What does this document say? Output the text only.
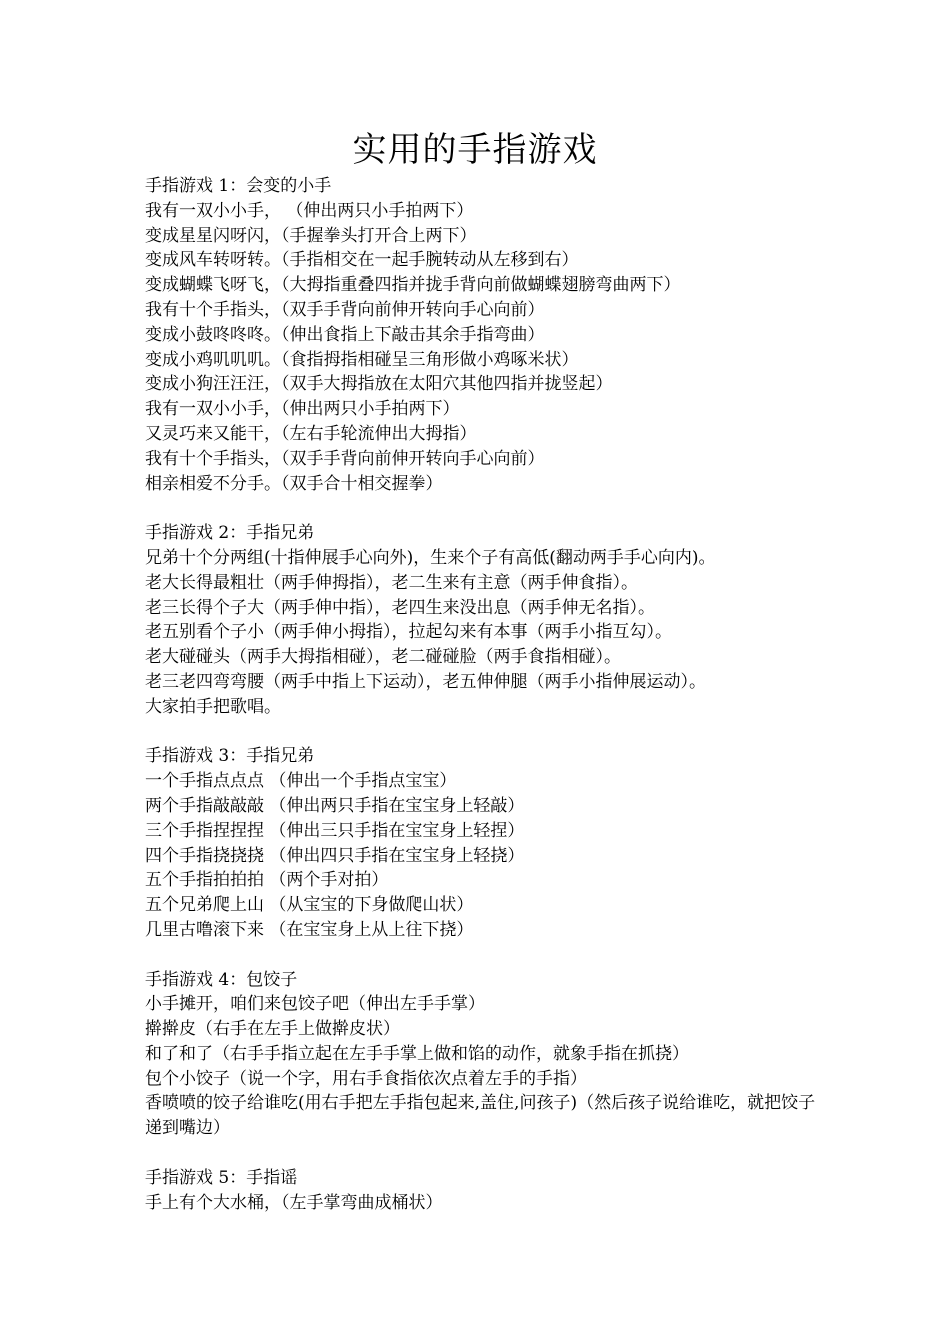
实用的手指游戏
手指游戏 1：会变的小手
我有一双小小手， （伸出两只小手拍两下）
变成星星闪呀闪，（手握拳头打开合上两下）
变成风车转呀转。（手指相交在一起手腕转动从左移到右）
变成蝴蝶飞呀飞，（大拇指重叠四指并拢手背向前做蝴蝶翅膀弯曲两下）
我有十个手指头，（双手手背向前伸开转向手心向前）
变成小鼓咚咚咚。（伸出食指上下敲击其余手指弯曲）
变成小鸡叽叽叽。（食指拇指相碰呈三角形做小鸡啄米状）
变成小狗汪汪汪，（双手大拇指放在太阳穴其他四指并拢竖起）
我有一双小小手，（伸出两只小手拍两下）
又灵巧来又能干，（左右手轮流伸出大拇指）
我有十个手指头，（双手手背向前伸开转向手心向前）
相亲相爱不分手。（双手合十相交握拳）
手指游戏 2：手指兄弟
兄弟十个分两组(十指伸展手心向外)，生来个子有高低(翻动两手手心向内)。
老大长得最粗壮（两手伸拇指），老二生来有主意（两手伸食指）。
老三长得个子大（两手伸中指），老四生来没出息（两手伸无名指）。
老五别看个子小（两手伸小拇指），拉起勾来有本事（两手小指互勾）。
老大碰碰头（两手大拇指相碰），老二碰碰脸（两手食指相碰）。
老三老四弯弯腰（两手中指上下运动），老五伸伸腿（两手小指伸展运动）。
大家拍手把歌唱。
手指游戏 3：手指兄弟
一个手指点点点 （伸出一个手指点宝宝）
两个手指敲敲敲 （伸出两只手指在宝宝身上轻敲）
三个手指捏捏捏 （伸出三只手指在宝宝身上轻捏）
四个手指挠挠挠 （伸出四只手指在宝宝身上轻挠）
五个手指拍拍拍 （两个手对拍）
五个兄弟爬上山 （从宝宝的下身做爬山状）
几里古噜滚下来 （在宝宝身上从上往下挠）
手指游戏 4：包饺子
小手摊开，咱们来包饺子吧（伸出左手手掌）
擀擀皮（右手在左手上做擀皮状）
和了和了（右手手指立起在左手手掌上做和馅的动作，就象手指在抓挠）
包个小饺子（说一个字，用右手食指依次点着左手的手指）
香喷喷的饺子给谁吃(用右手把左手指包起来,盖住,问孩子)（然后孩子说给谁吃，就把饺子递到嘴边）
手指游戏 5：手指谣
手上有个大水桶，（左手掌弯曲成桶状）
